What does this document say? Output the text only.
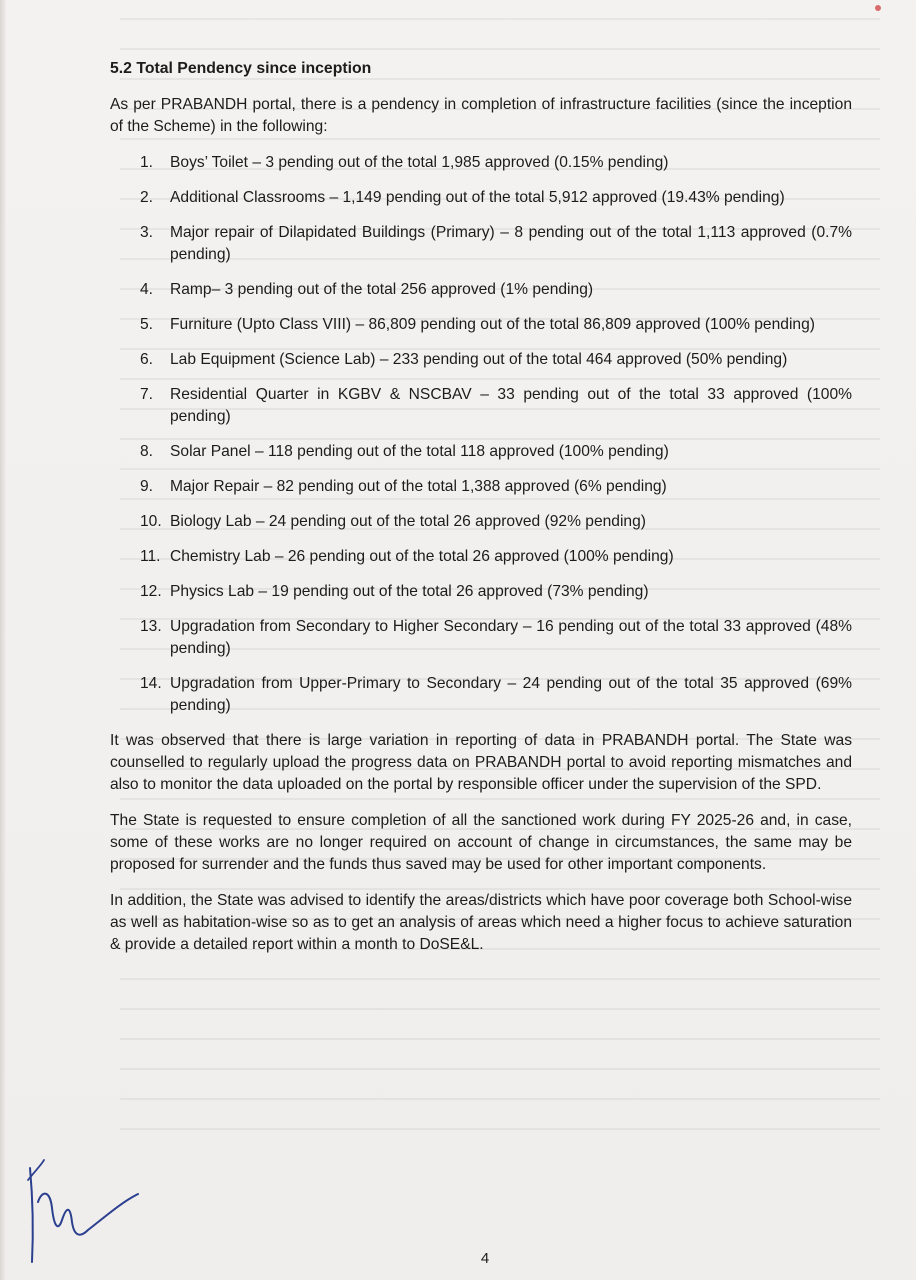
5.2 Total Pendency since inception

As per PRABANDH portal, there is a pendency in completion of infrastructure facilities (since the inception of the Scheme) in the following:

1.	Boys’ Toilet – 3 pending out of the total 1,985 approved (0.15% pending)
2.	Additional Classrooms – 1,149 pending out of the total 5,912 approved (19.43% pending)
3.	Major repair of Dilapidated Buildings (Primary) – 8 pending out of the total 1,113 approved (0.7% pending)
4.	Ramp– 3 pending out of the total 256 approved (1% pending)
5.	Furniture (Upto Class VIII) – 86,809 pending out of the total 86,809 approved (100% pending)
6.	Lab Equipment (Science Lab) – 233 pending out of the total 464 approved (50% pending)
7.	Residential Quarter in KGBV & NSCBAV – 33 pending out of the total 33 approved (100% pending)
8.	Solar Panel – 118 pending out of the total 118 approved (100% pending)
9.	Major Repair – 82 pending out of the total 1,388 approved (6% pending)
10. Biology Lab – 24 pending out of the total 26 approved (92% pending)
11. Chemistry Lab – 26 pending out of the total 26 approved (100% pending)
12. Physics Lab – 19 pending out of the total 26 approved (73% pending)
13. Upgradation from Secondary to Higher Secondary – 16 pending out of the total 33 approved (48% pending)
14. Upgradation from Upper-Primary to Secondary – 24 pending out of the total 35 approved (69% pending)

It was observed that there is large variation in reporting of data in PRABANDH portal. The State was counselled to regularly upload the progress data on PRABANDH portal to avoid reporting mismatches and also to monitor the data uploaded on the portal by responsible officer under the supervision of the SPD.

The State is requested to ensure completion of all the sanctioned work during FY 2025-26 and, in case, some of these works are no longer required on account of change in circumstances, the same may be proposed for surrender and the funds thus saved may be used for other important components.

In addition, the State was advised to identify the areas/districts which have poor coverage both School-wise as well as habitation-wise so as to get an analysis of areas which need a higher focus to achieve saturation & provide a detailed report within a month to DoSE&L.

4
